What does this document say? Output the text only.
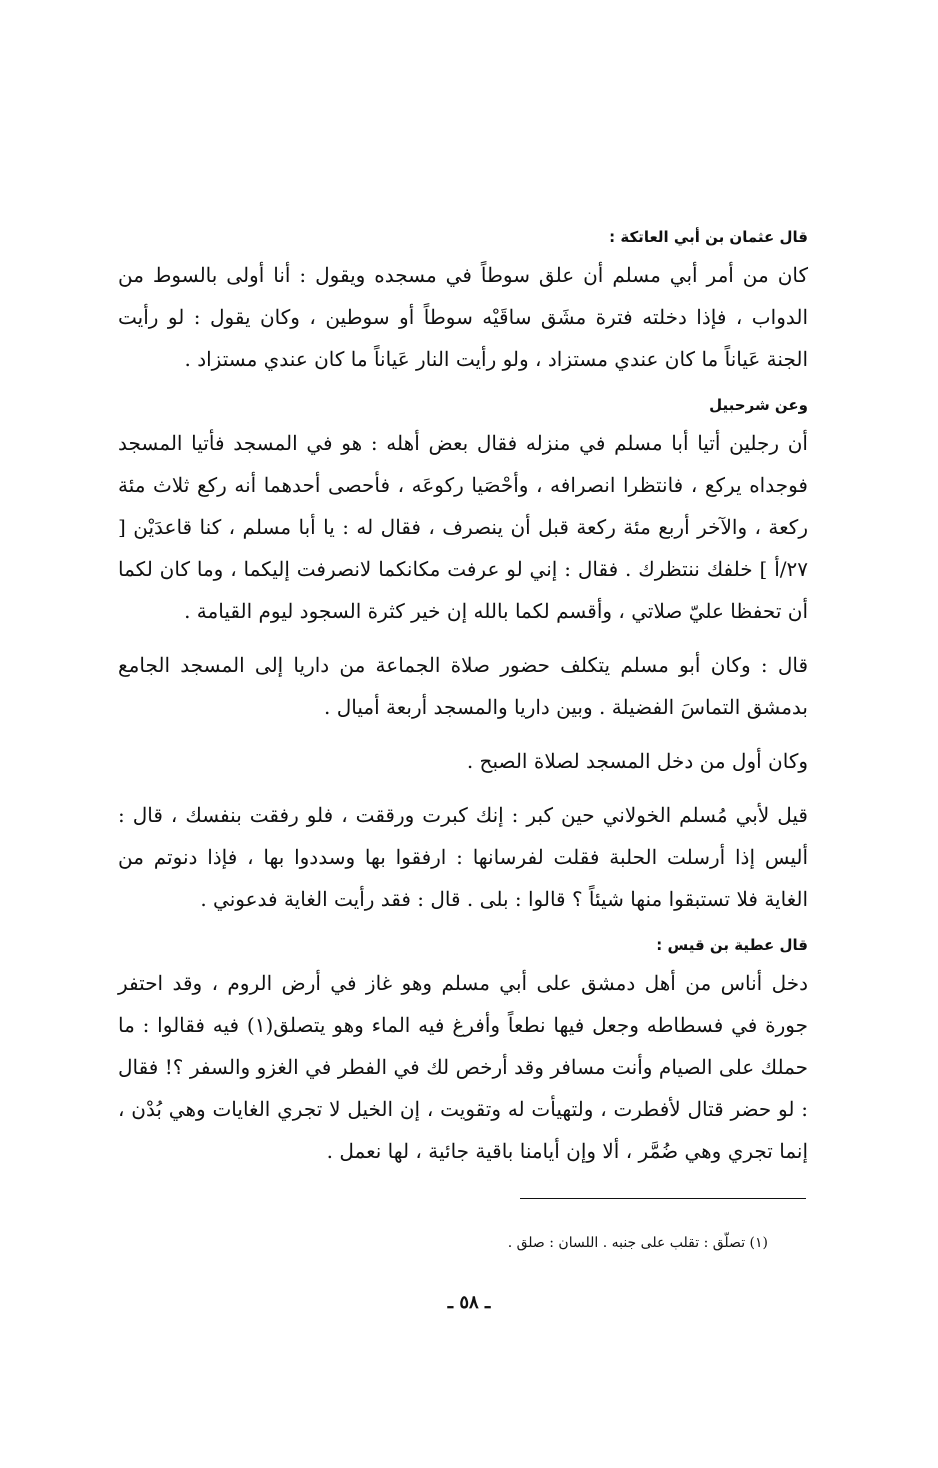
قال عثمان بن أبي العاتكة :

كان من أمر أبي مسلم أن علق سوطاً في مسجده ويقول : أنا أولى بالسوط من الدواب ، فإذا دخلته فترة مشَق ساقَيْه سوطاً أو سوطين ، وكان يقول : لو رأيت الجنة عَياناً ما كان عندي مستزاد ، ولو رأيت النار عَياناً ما كان عندي مستزاد .

وعن شرحبيل

أن رجلين أتيا أبا مسلم في منزله فقال بعض أهله : هو في المسجد فأتيا المسجد فوجداه يركع ، فانتظرا انصرافه ، وأحْصَيا ركوعَه ، فأحصى أحدهما أنه ركع ثلاث مئة ركعة ، والآخر أربع مئة ركعة قبل أن ينصرف ، فقال له : يا أبا مسلم ، كنا قاعدَيْن [ ٢٧/أ ] خلفك ننتظرك . فقال : إني لو عرفت مكانكما لانصرفت إليكما ، وما كان لكما أن تحفظا عليّ صلاتي ، وأقسم لكما بالله إن خير كثرة السجود ليوم القيامة .

قال : وكان أبو مسلم يتكلف حضور صلاة الجماعة من داريا إلى المسجد الجامع بدمشق التماسَ الفضيلة . وبين داريا والمسجد أربعة أميال .

وكان أول من دخل المسجد لصلاة الصبح .

قيل لأبي مُسلم الخولاني حين كبر : إنك كبرت ورققت ، فلو رفقت بنفسك ، قال : أليس إذا أرسلت الحلبة فقلت لفرسانها : ارفقوا بها وسددوا بها ، فإذا دنوتم من الغاية فلا تستبقوا منها شيئاً ؟ قالوا : بلى . قال : فقد رأيت الغاية فدعوني .

قال عطية بن قيس :

دخل أناس من أهل دمشق على أبي مسلم وهو غاز في أرض الروم ، وقد احتفر جورة في فسطاطه وجعل فيها نطعاً وأفرغ فيه الماء وهو يتصلق(١) فيه فقالوا : ما حملك على الصيام وأنت مسافر وقد أرخص لك في الفطر في الغزو والسفر ؟! فقال : لو حضر قتال لأفطرت ، ولتهيأت له وتقويت ، إن الخيل لا تجري الغايات وهي بُدْن ، إنما تجري وهي ضُمَّر ، ألا وإن أيامنا باقية جائية ، لها نعمل .

(١) تصلّق : تقلب على جنبه . اللسان : صلق .
ـ ٥٨ ـ
